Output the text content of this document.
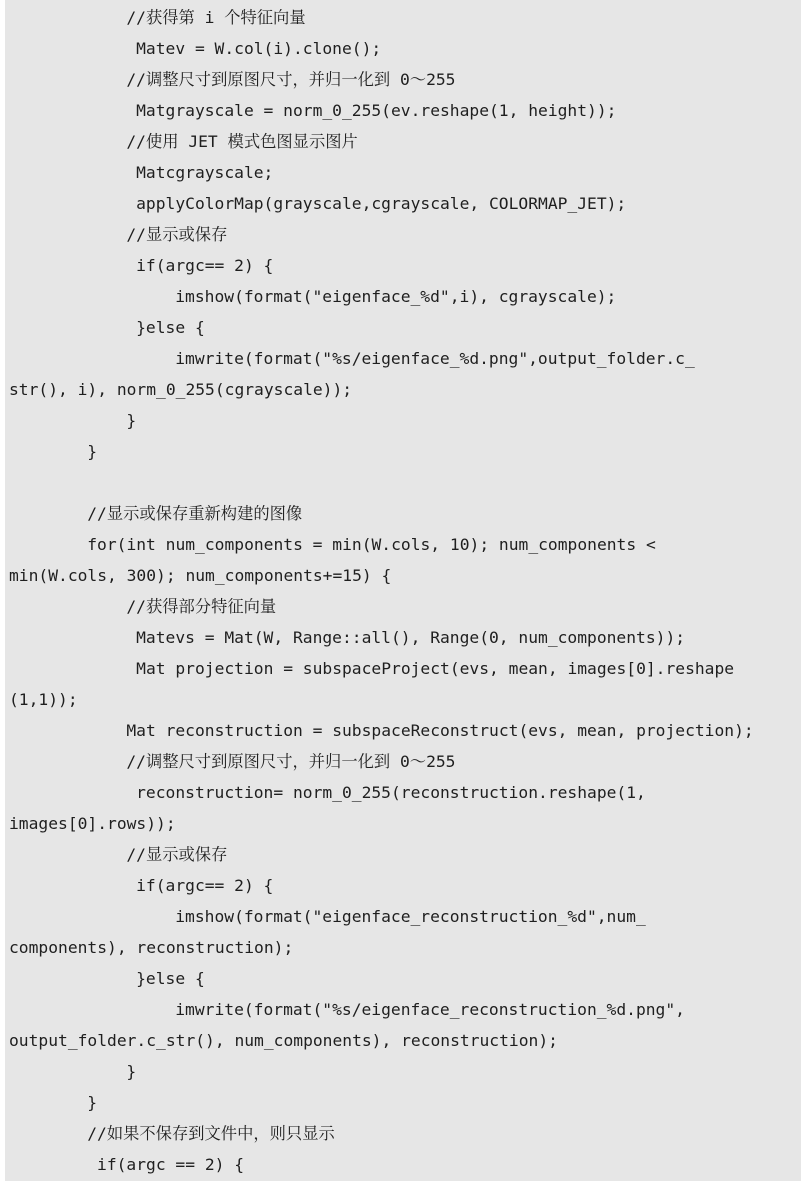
//获得第 i 个特征向量
Matev = W.col(i).clone();
//调整尺寸到原图尺寸，并归一化到 0～255
Matgrayscale = norm_0_255(ev.reshape(1, height));
//使用 JET 模式色图显示图片
Matcgrayscale;
applyColorMap(grayscale,cgrayscale, COLORMAP_JET);
//显示或保存
if(argc== 2) {
imshow(format("eigenface_%d",i), cgrayscale);
}else {
imwrite(format("%s/eigenface_%d.png",output_folder.c_
str(), i), norm_0_255(cgrayscale));
}
}
//显示或保存重新构建的图像
for(int num_components = min(W.cols, 10); num_components <
min(W.cols, 300); num_components+=15) {
//获得部分特征向量
Matevs = Mat(W, Range::all(), Range(0, num_components));
Mat projection = subspaceProject(evs, mean, images[0].reshape
(1,1));
Mat reconstruction = subspaceReconstruct(evs, mean, projection);
//调整尺寸到原图尺寸，并归一化到 0～255
reconstruction= norm_0_255(reconstruction.reshape(1,
images[0].rows));
//显示或保存
if(argc== 2) {
imshow(format("eigenface_reconstruction_%d",num_
components), reconstruction);
}else {
imwrite(format("%s/eigenface_reconstruction_%d.png",
output_folder.c_str(), num_components), reconstruction);
}
}
//如果不保存到文件中，则只显示
if(argc == 2) {
